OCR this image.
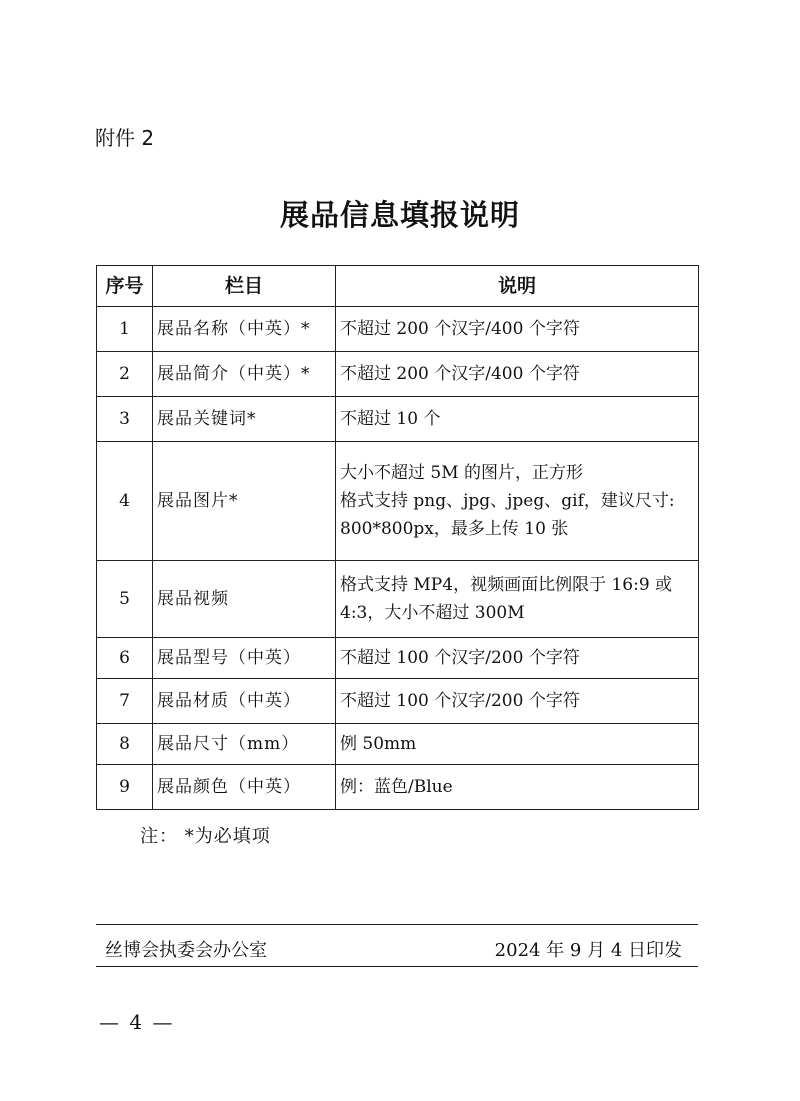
附件 2
展品信息填报说明
序号	栏目	说明
1	展品名称（中英）*	不超过 200 个汉字/400 个字符

2	展品简介（中英）*	不超过 200 个汉字/400 个字符

3	展品关键词*	不超过 10 个

4	展品图片*	大小不超过 5M 的图片，正方形
格式支持 png、jpg、jpeg、gif，建议尺寸:
800*800px，最多上传 10 张

5	展品视频	格式支持 MP4，视频画面比例限于 16:9 或
4:3，大小不超过 300M

6	展品型号（中英）	不超过 100 个汉字/200 个字符

7	展品材质（中英）	不超过 100 个汉字/200 个字符

8	展品尺寸（mm）	例 50mm

9	展品颜色（中英）	例：蓝色/Blue
注： *为必填项
丝博会执委会办公室	2024 年 9 月 4 日印发
— 4 —
